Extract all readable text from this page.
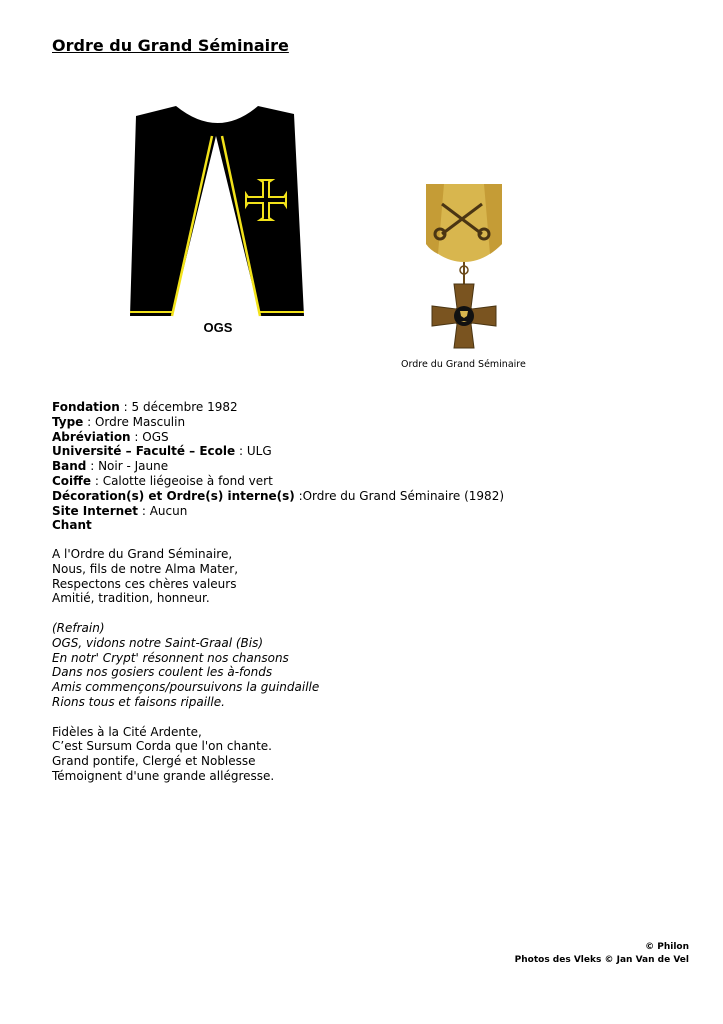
Ordre du Grand Séminaire
OGS
Ordre du Grand Séminaire
Fondation : 5 décembre 1982
Type : Ordre Masculin
Abréviation : OGS
Université – Faculté – Ecole : ULG
Band : Noir - Jaune
Coiffe : Calotte liégeoise à fond vert
Décoration(s) et Ordre(s) interne(s) :Ordre du Grand Séminaire (1982)
Site Internet : Aucun
Chant
A l'Ordre du Grand Séminaire,
Nous, fils de notre Alma Mater,
Respectons ces chères valeurs
Amitié, tradition, honneur.
(Refrain)
OGS, vidons notre Saint-Graal (Bis)
En notr' Crypt' résonnent nos chansons
Dans nos gosiers coulent les à-fonds
Amis commençons/poursuivons la guindaille
Rions tous et faisons ripaille.
Fidèles à la Cité Ardente,
C’est Sursum Corda que l'on chante.
Grand pontife, Clergé et Noblesse
Témoignent d'une grande allégresse.
© Philon
Photos des Vleks © Jan Van de Vel
